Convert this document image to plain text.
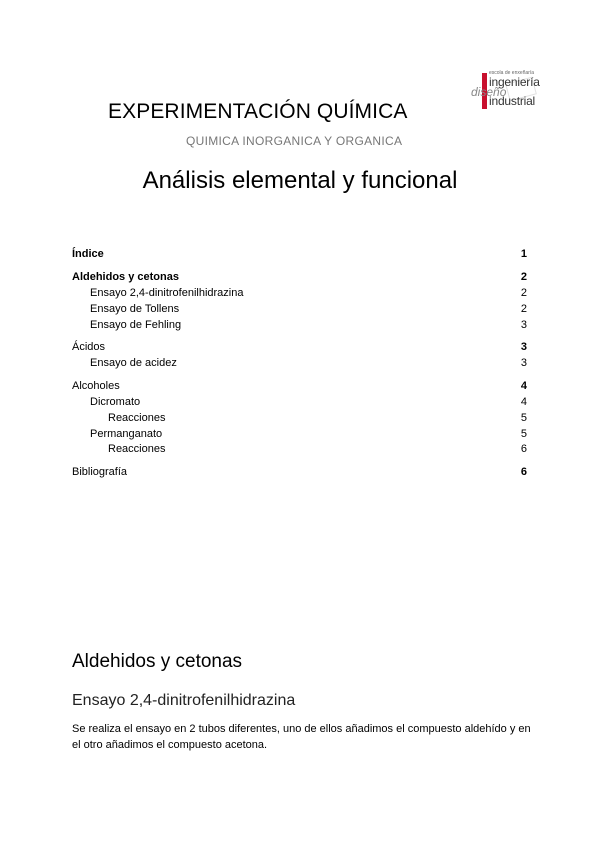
escola de enxeñaría
ingeniería
diseño
industrial
EXPERIMENTACIÓN QUÍMICA
QUIMICA INORGANICA Y ORGANICA
Análisis elemental y funcional
Índice	1
Aldehidos y cetonas	2
Ensayo 2,4-dinitrofenilhidrazina	2
Ensayo de Tollens	2
Ensayo de Fehling	3
Ácidos	3
Ensayo de acidez	3
Alcoholes	4
Dicromato	4
Reacciones	5
Permanganato	5
Reacciones	6
Bibliografía	6
Aldehidos y cetonas
Ensayo 2,4-dinitrofenilhidrazina

Se realiza el ensayo en 2 tubos diferentes, uno de ellos añadimos el compuesto aldehído y en el otro añadimos el compuesto acetona.
